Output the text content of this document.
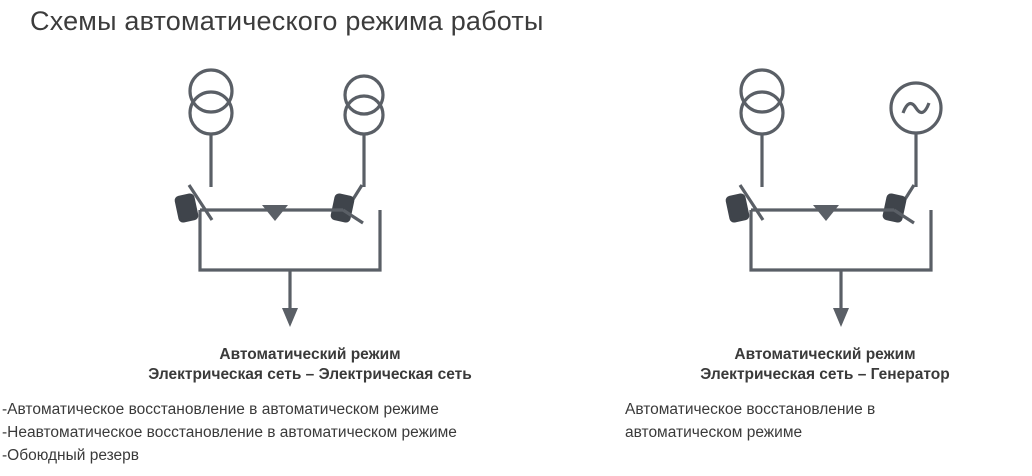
Схемы автоматического режима работы
Автоматический режим
Электрическая сеть – Электрическая сеть
Автоматический режим
Электрическая сеть – Генератор
-Автоматическое восстановление в автоматическом режиме
-Неавтоматическое восстановление в автоматическом режиме
-Обоюдный резерв
Автоматическое восстановление в автоматическом режиме
